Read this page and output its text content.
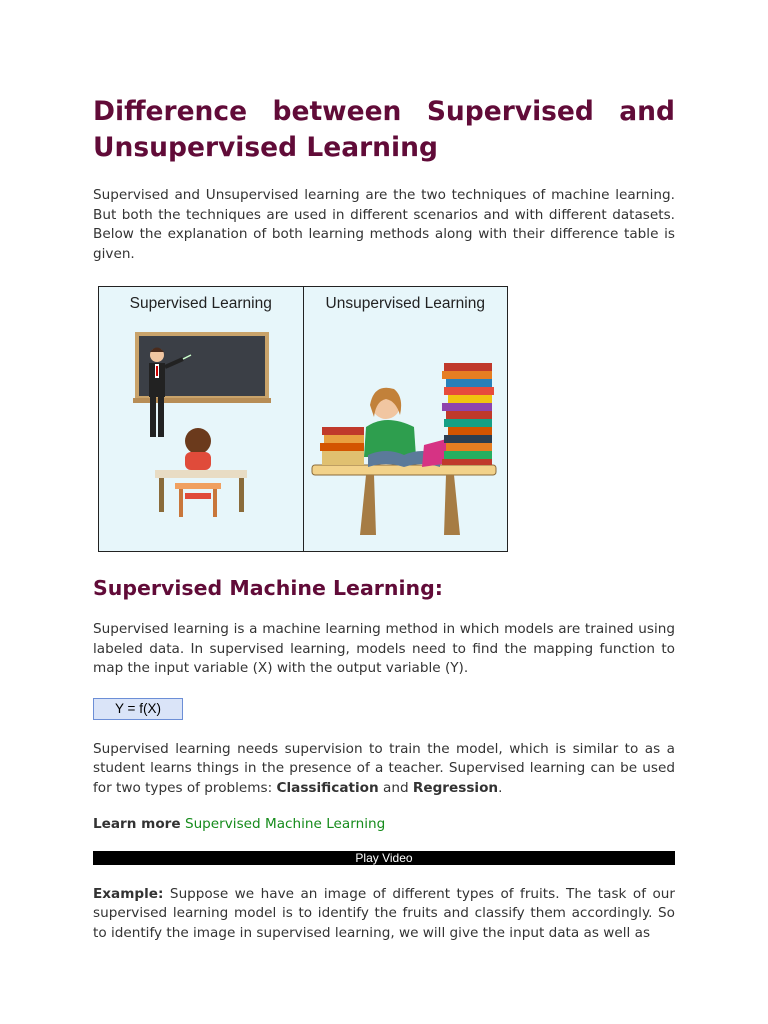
Difference between Supervised and Unsupervised Learning

Supervised and Unsupervised learning are the two techniques of machine learning. But both the techniques are used in different scenarios and with different datasets. Below the explanation of both learning methods along with their difference table is given.

Supervised Learning	Unsupervised Learning
Supervised Machine Learning:

Supervised learning is a machine learning method in which models are trained using labeled data. In supervised learning, models need to find the mapping function to map the input variable (X) with the output variable (Y).

Y = f(X)

Supervised learning needs supervision to train the model, which is similar to as a student learns things in the presence of a teacher. Supervised learning can be used for two types of problems: Classification and Regression.

Learn more Supervised Machine Learning
Play Video

Example: Suppose we have an image of different types of fruits. The task of our supervised learning model is to identify the fruits and classify them accordingly. So to identify the image in supervised learning, we will give the input data as well as
